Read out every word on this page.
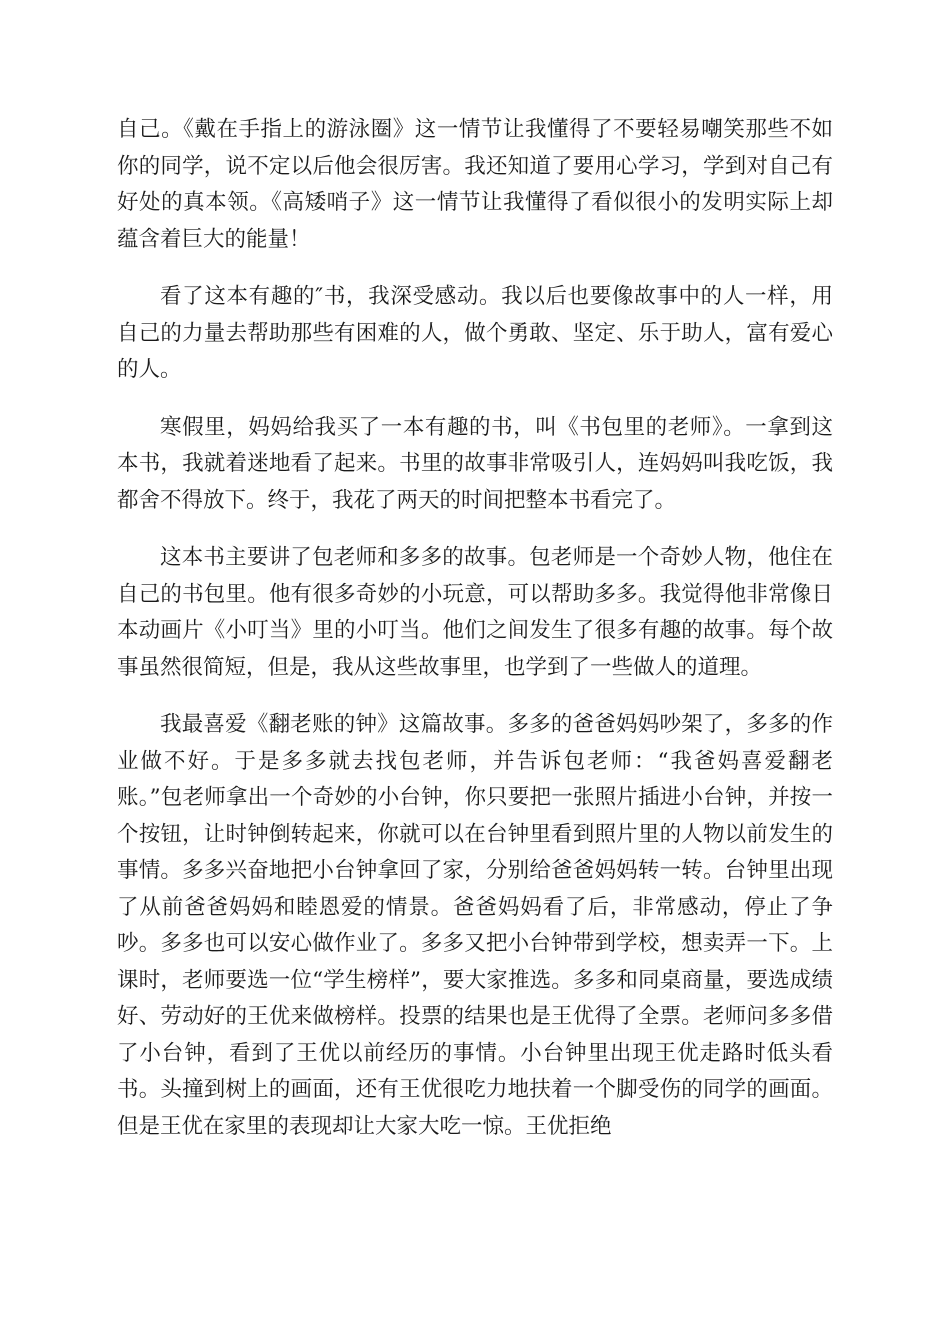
自己。《戴在手指上的游泳圈》这一情节让我懂得了不要轻易嘲笑那些不如你的同学，说不定以后他会很厉害。我还知道了要用心学习，学到对自己有好处的真本领。《高矮哨子》这一情节让我懂得了看似很小的发明实际上却蕴含着巨大的能量！

看了这本有趣的″书，我深受感动。我以后也要像故事中的人一样，用自己的力量去帮助那些有困难的人，做个勇敢、坚定、乐于助人，富有爱心的人。

寒假里，妈妈给我买了一本有趣的书，叫《书包里的老师》。一拿到这本书，我就着迷地看了起来。书里的故事非常吸引人，连妈妈叫我吃饭，我都舍不得放下。终于，我花了两天的时间把整本书看完了。

这本书主要讲了包老师和多多的故事。包老师是一个奇妙人物，他住在自己的书包里。他有很多奇妙的小玩意，可以帮助多多。我觉得他非常像日本动画片《小叮当》里的小叮当。他们之间发生了很多有趣的故事。每个故事虽然很简短，但是，我从这些故事里，也学到了一些做人的道理。

我最喜爱《翻老账的钟》这篇故事。多多的爸爸妈妈吵架了，多多的作业做不好。于是多多就去找包老师，并告诉包老师：“我爸妈喜爱翻老账。”包老师拿出一个奇妙的小台钟，你只要把一张照片插进小台钟，并按一个按钮，让时钟倒转起来，你就可以在台钟里看到照片里的人物以前发生的事情。多多兴奋地把小台钟拿回了家，分别给爸爸妈妈转一转。台钟里出现了从前爸爸妈妈和睦恩爱的情景。爸爸妈妈看了后，非常感动，停止了争吵。多多也可以安心做作业了。多多又把小台钟带到学校，想卖弄一下。上课时，老师要选一位“学生榜样”，要大家推选。多多和同桌商量，要选成绩好、劳动好的王优来做榜样。投票的结果也是王优得了全票。老师问多多借了小台钟，看到了王优以前经历的事情。小台钟里出现王优走路时低头看书。头撞到树上的画面，还有王优很吃力地扶着一个脚受伤的同学的画面。但是王优在家里的表现却让大家大吃一惊。王优拒绝
